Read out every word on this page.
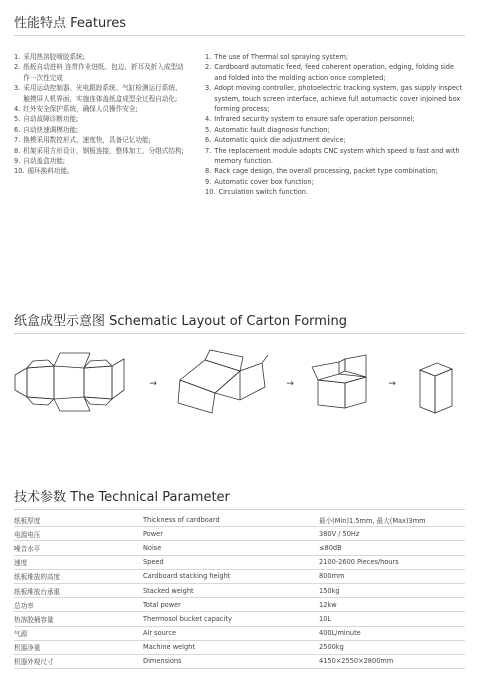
性能特点 Features
1. 采用热溶胶喷胶系统;
2. 纸板自动进料 连贯作业进纸、包边、折耳及折入成型动作一次性完成
3. 采用运动控制器、光电跟踪系统、气缸检测运行系统、触摸屏人机界面，实施连体盖纸盒成型全过程自动化;
4. 红外安全保护系统，确保人员操作安全;
5. 自动故障诊断功能;
6. 自动快速调模功能;
7. 换模采用数控形式，速度快，具备记忆功能;
8. 机架采用方形设计，钢板连接，整体加工，分组式结构;
9. 自动盖盒功能;
10. 循环换料功能。
1. The use of Thermal sol spraying system;
2. Cardboard automatic feed, feed coherent operation, edging, folding side and folded into the molding action once completed;
3. Adopt moving controller, photoelectric tracking system, gas supply inspect system, touch screen interface, achieve full aotumactic cover injoined box forming process;
4. Infrared security system to ensure safe operation personnel;
5. Automatic fault diagnosis function;
6. Automatic quick die adjustment device;
7. The replacement module adopts CNC system which speed is fast and with memory function.
8. Rack cage design, the overall processing, packet type combination;
9. Automatic cover box function;
10. Circulation switch function.
纸盒成型示意图 Schematic Layout of Carton Forming
→	→	→
技术参数 The Technical Parameter
纸板厚度	Thickness of cardboard	最小(Min)1.5mm, 最大(Max)3mm
电源电压	Power	380V / 50Hz
噪音水平	Noise	≤80dB
速度	Speed	2100-2600 Pieces/hours
纸板堆放的高度	Cardboard stacking height	800mm
纸板堆放台承重	Stacked weight	150kg
总功率	Total power	12kw
热溶胶桶容量	Thermosol bucket capacity	10L
气源	Air source	400L/minute
机器净重	Machine weight	2500kg
机器外观尺寸	Dimensions	4150×2550×2800mm
